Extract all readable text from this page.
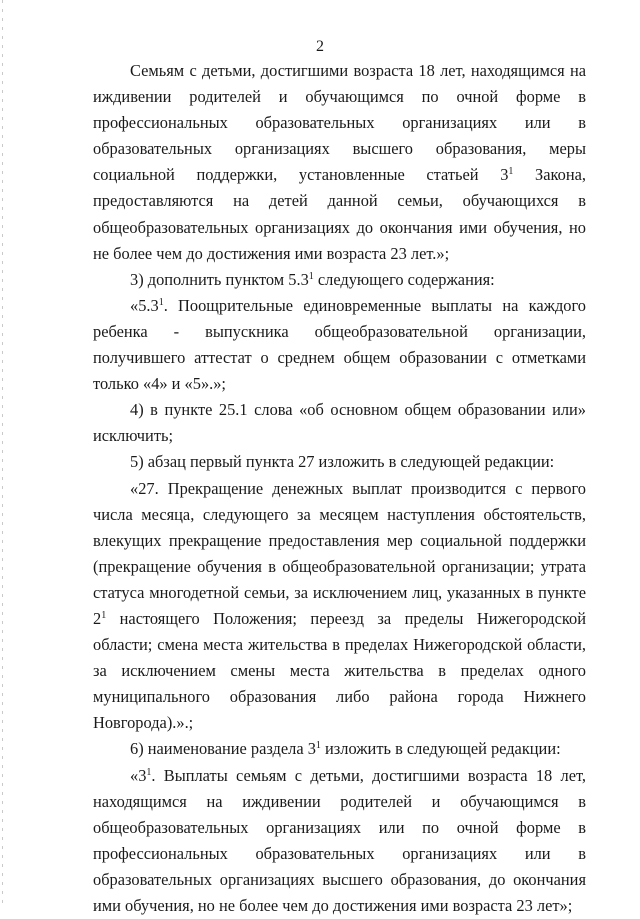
2

Семьям с детьми, достигшими возраста 18 лет, находящимся на иждивении родителей и обучающимся по очной форме в профессиональных образовательных организациях или в образовательных организациях высшего образования, меры социальной поддержки, установленные статьей $3^1$ Закона, предоставляются на детей данной семьи, обучающихся в общеобразовательных организациях до окончания ими обучения, но не более чем до достижения ими возраста 23 лет.»;

3) дополнить пунктом $5.3^1$ следующего содержания:

«$5.3^1$. Поощрительные единовременные выплаты на каждого ребенка - выпускника общеобразовательной организации, получившего аттестат о среднем общем образовании с отметками только «4» и «5».»;

4) в пункте 25.1 слова «об основном общем образовании или» исключить;

5) абзац первый пункта 27 изложить в следующей редакции:

«27. Прекращение денежных выплат производится с первого числа месяца, следующего за месяцем наступления обстоятельств, влекущих прекращение предоставления мер социальной поддержки (прекращение обучения в общеобразовательной организации; утрата статуса многодетной семьи, за исключением лиц, указанных в пункте $2^1$ настоящего Положения; переезд за пределы Нижегородской области; смена места жительства в пределах Нижегородской области, за исключением смены места жительства в пределах одного муниципального образования либо района города Нижнего Новгорода).».;

6) наименование раздела $3^1$ изложить в следующей редакции:

«$3^1$. Выплаты семьям с детьми, достигшими возраста 18 лет, находящимся на иждивении родителей и обучающимся в общеобразовательных организациях или по очной форме в профессиональных образовательных организациях или в образовательных организациях высшего образования, до окончания ими обучения, но не более чем до достижения ими возраста 23 лет»;
